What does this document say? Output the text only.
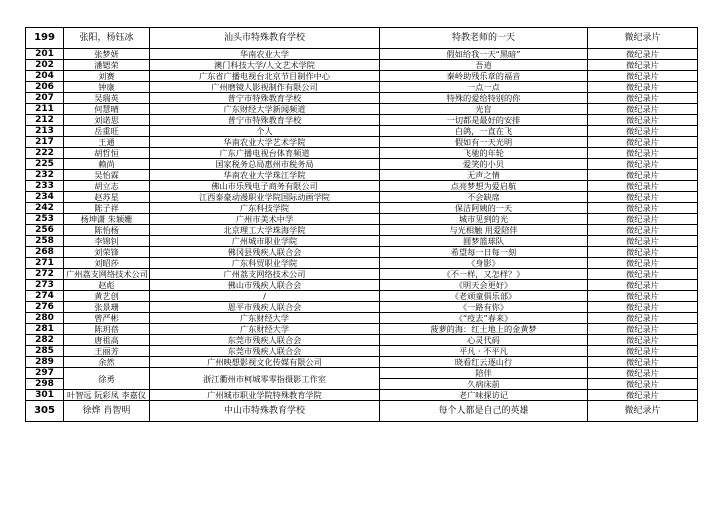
199	张阳，杨钰冰	汕头市特殊教育学校	特教老师的一天	微纪录片
201	张梦妍	华南农业大学	假如给我一天“黑暗”	微纪录片
202	潘锶荣	澳门科技大学/人文艺术学院	吾逍	微纪录片
204	刘赛	广东省广播电视台北京节目制作中心	秦岭助残乐章的福音	微纪录片
206	钟康	广州磨镜人影视制作有限公司	一点一点	微纪录片
207	吴瑞英	普宁市特殊教育学校	特殊的爱给特别的你	微纪录片
211	何慧晴	广东财经大学新闻频道	光盲	微纪录片
212	刘诺思	普宁市特殊教育学校	一切都是最好的安排	微纪录片
213	岳重旺	个人	白鸽，一直在飞	微纪录片
217	王通	华南农业大学艺术学院	假如有一天光明	微纪录片
222	胡哲恒	广东广播电视台体育频道	飞驰的年轮	微纪录片
225	赖尚	国家税务总局惠州市税务局	爱笑的小贝	微纪录片
232	吴怡霖	华南农业大学珠江学院	无声之情	微纪录片
233	胡立志	佛山市乐残电子商务有限公司	点亮梦想为爱启航	微纪录片
234	赵苏星	江西泰豪动漫职业学院国际动画学院	不会缺席	微纪录片
242	陈子祥	广东科技学院	保洁阿姨的一天	微纪录片
253	杨坤潇 朱颖姗	广州市美术中学	城市见到的光	微纪录片
256	陈怡杨	北京理工大学珠海学院	与光相触 用爱陪伴	微纪录片
258	李锦钊	广州城市职业学院	圆梦篮球队	微纪录片
268	刘荣锋	佛冈县残疾人联合会	希望每一日每一刻	微纪录片
271	刘昭莎	广东科贸职业学院	《身影》	微纪录片
272	广州荔支网络技术公司	广州荔支网络技术公司	《不一样，又怎样？》	微纪录片
273	赵彪	佛山市残疾人联合会	《明天会更好》	微纪录片
274	黄艺创	/	《老顽童俱乐部》	微纪录片
276	张景珊	恩平市残疾人联合会	《一路有你》	微纪录片
280	曾严彬	广东财经大学	《“疫去”春来》	微纪录片
281	陈玥蓓	广东财经大学	菠萝的海：红土地上的金黄梦	微纪录片
282	唐祖高	东莞市残疾人联合会	心灵代码	微纪录片
285	王丽芳	东莞市残疾人联合会	平凡 · 不平凡	微纪录片
289	余然	广州映想影视文化传媒有限公司	晓看红云逐山行	微纪录片
297	徐勇	浙江衢州市柯城零零指摄影工作室	陪伴	微纪录片
298			久病床前	微纪录片
301	叶智远 阮彩凤 李嘉仪	广州城市职业学院特殊教育学院	老广味探访记	微纪录片
305	徐烨 肖智明	中山市特殊教育学校	每个人都是自己的英雄	微纪录片
